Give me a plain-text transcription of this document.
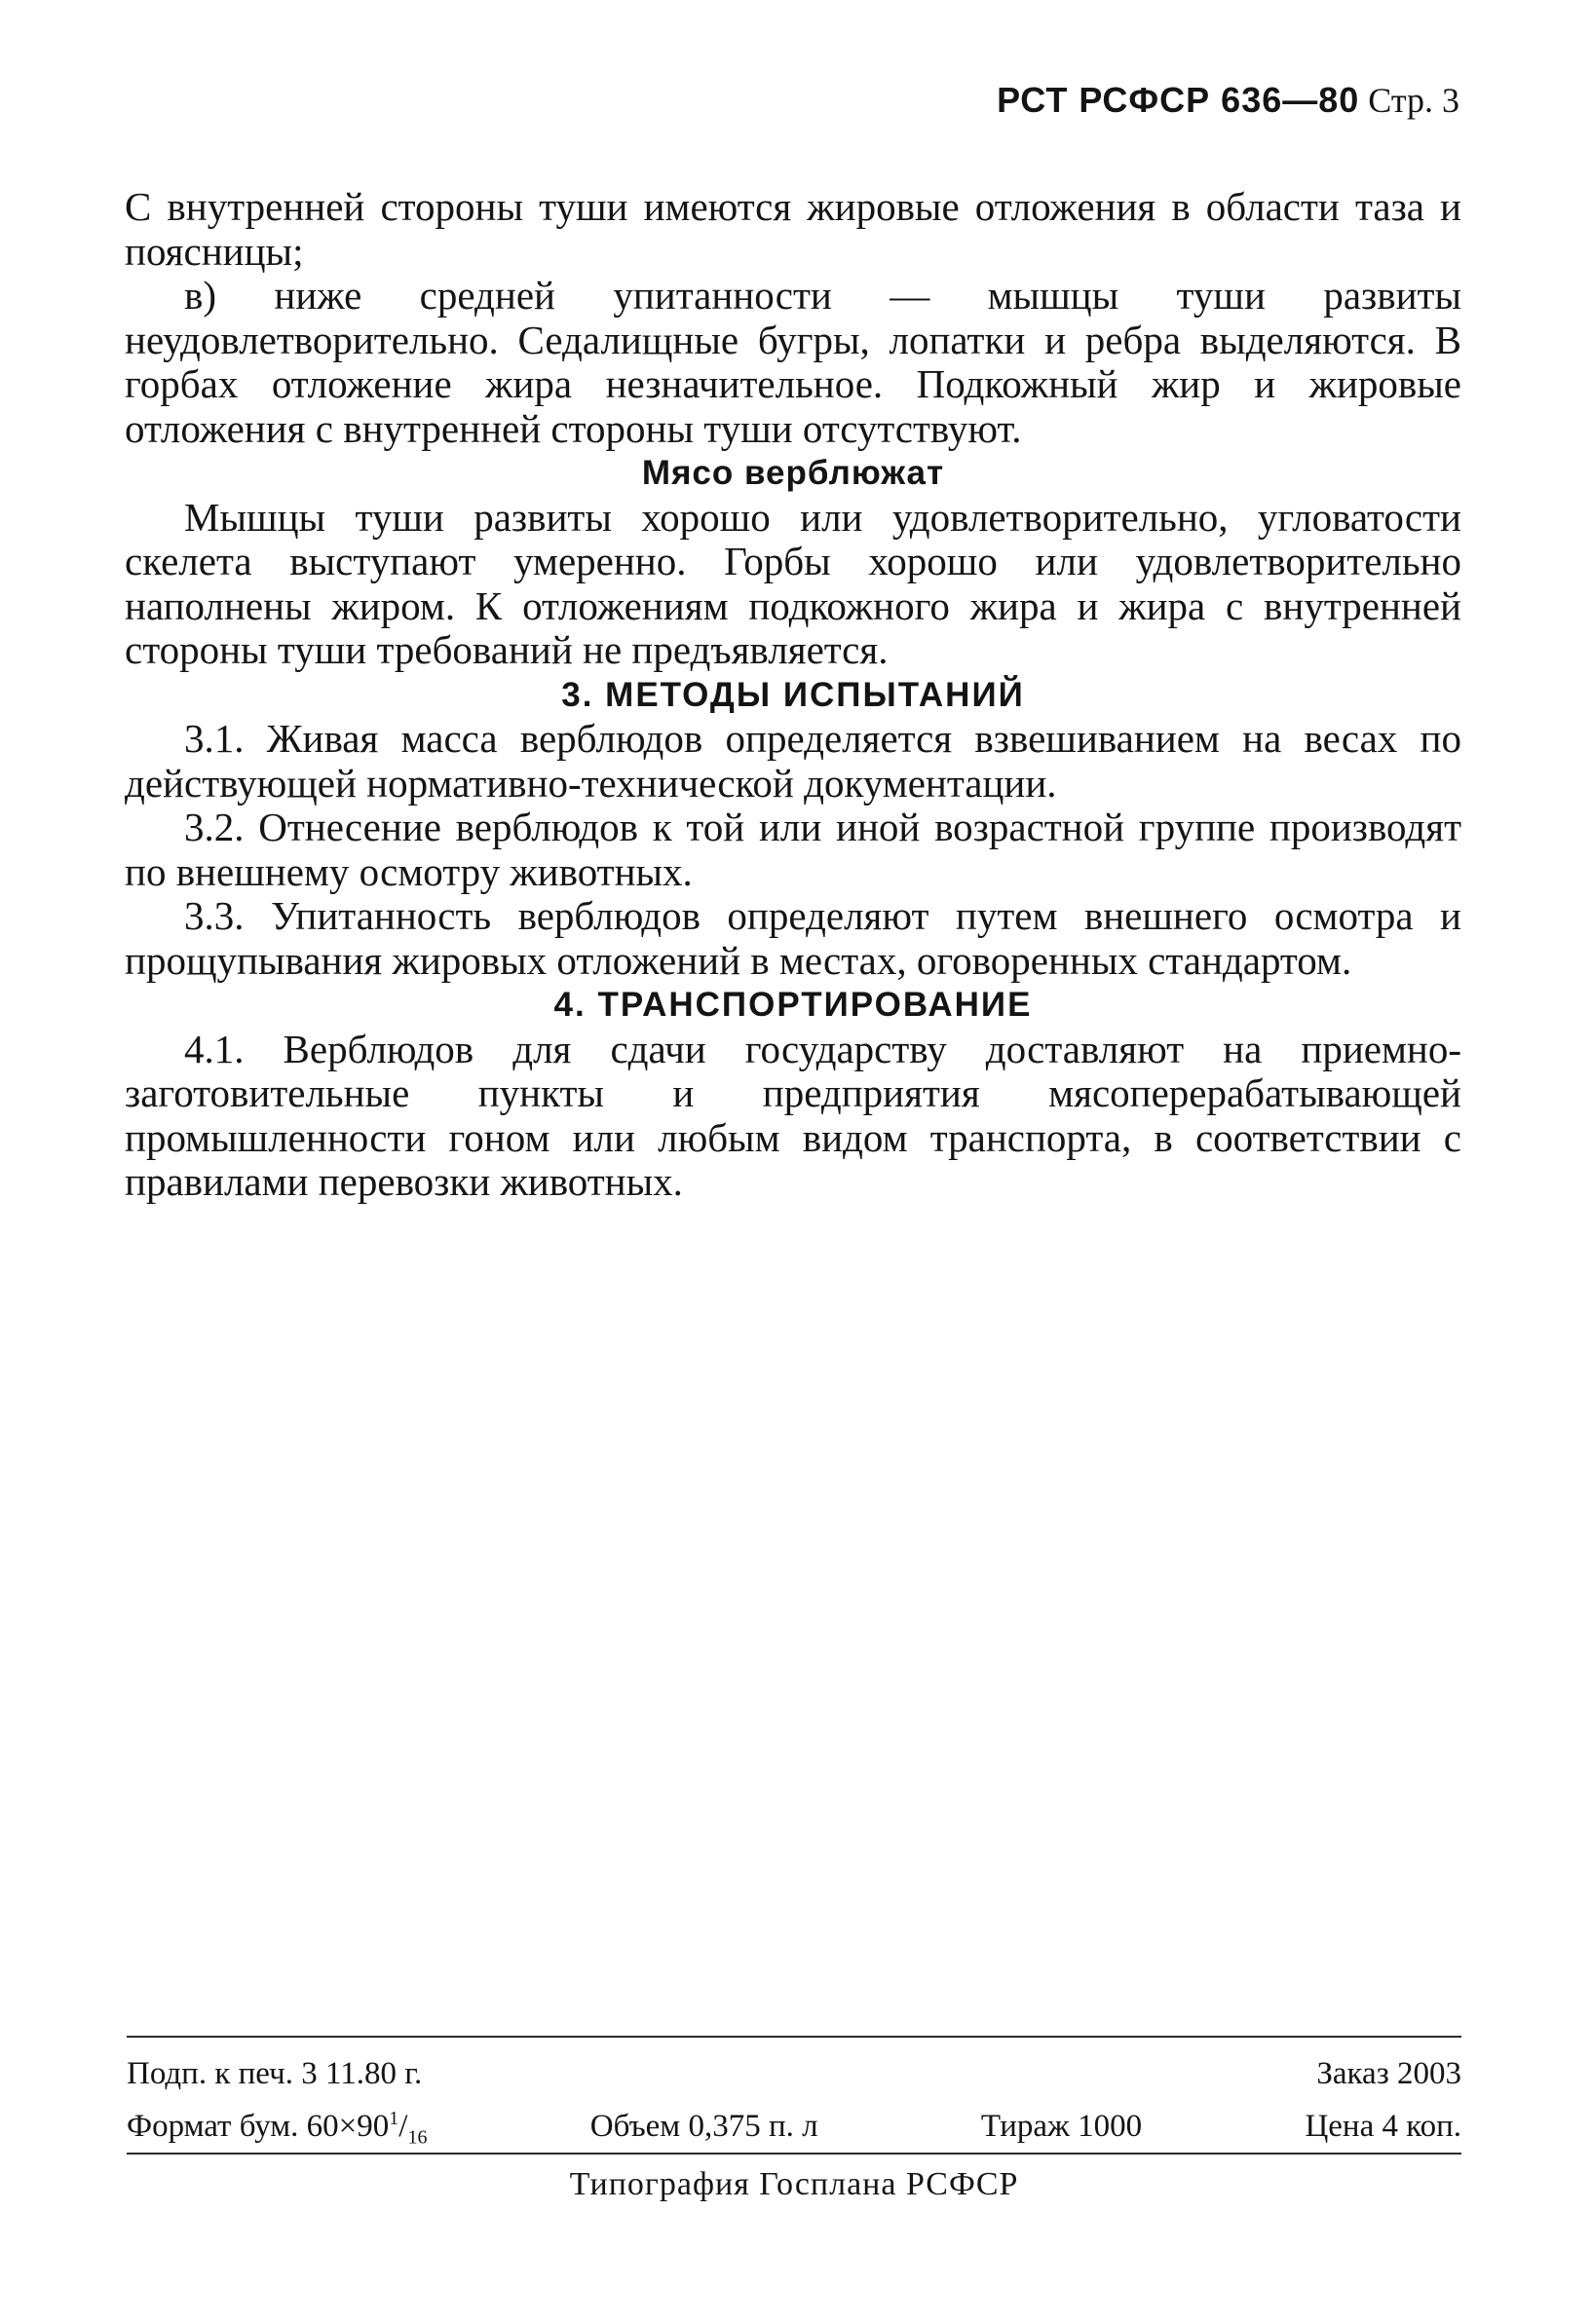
РСТ РСФСР 636—80 Стр. 3

С внутренней стороны туши имеются жировые отложения в области таза и поясницы;

в) ниже средней упитанности — мышцы туши развиты неудовлетворительно. Седалищные бугры, лопатки и ребра выделяются. В горбах отложение жира незначительное. Подкожный жир и жировые отложения с внутренней стороны туши отсутствуют.

Мясо верблюжат

Мышцы туши развиты хорошо или удовлетворительно, угловатости скелета выступают умеренно. Горбы хорошо или удовлетворительно наполнены жиром. К отложениям подкожного жира и жира с внутренней стороны туши требований не предъявляется.

3. МЕТОДЫ ИСПЫТАНИЙ

3.1. Живая масса верблюдов определяется взвешиванием на весах по действующей нормативно-технической документации.

3.2. Отнесение верблюдов к той или иной возрастной группе производят по внешнему осмотру животных.

3.3. Упитанность верблюдов определяют путем внешнего осмотра и прощупывания жировых отложений в местах, оговоренных стандартом.

4. ТРАНСПОРТИРОВАНИЕ

4.1. Верблюдов для сдачи государству доставляют на приемно-заготовительные пункты и предприятия мясоперерабатывающей промышленности гоном или любым видом транспорта, в соответствии с правилами перевозки животных.

Подп. к печ. 3 11.80 г.	Заказ 2003
Формат бум. $60\times 90^1/_{16}$	Объем 0,375 п. л	Тираж 1000	Цена 4 коп.
Типография Госплана РСФСР
